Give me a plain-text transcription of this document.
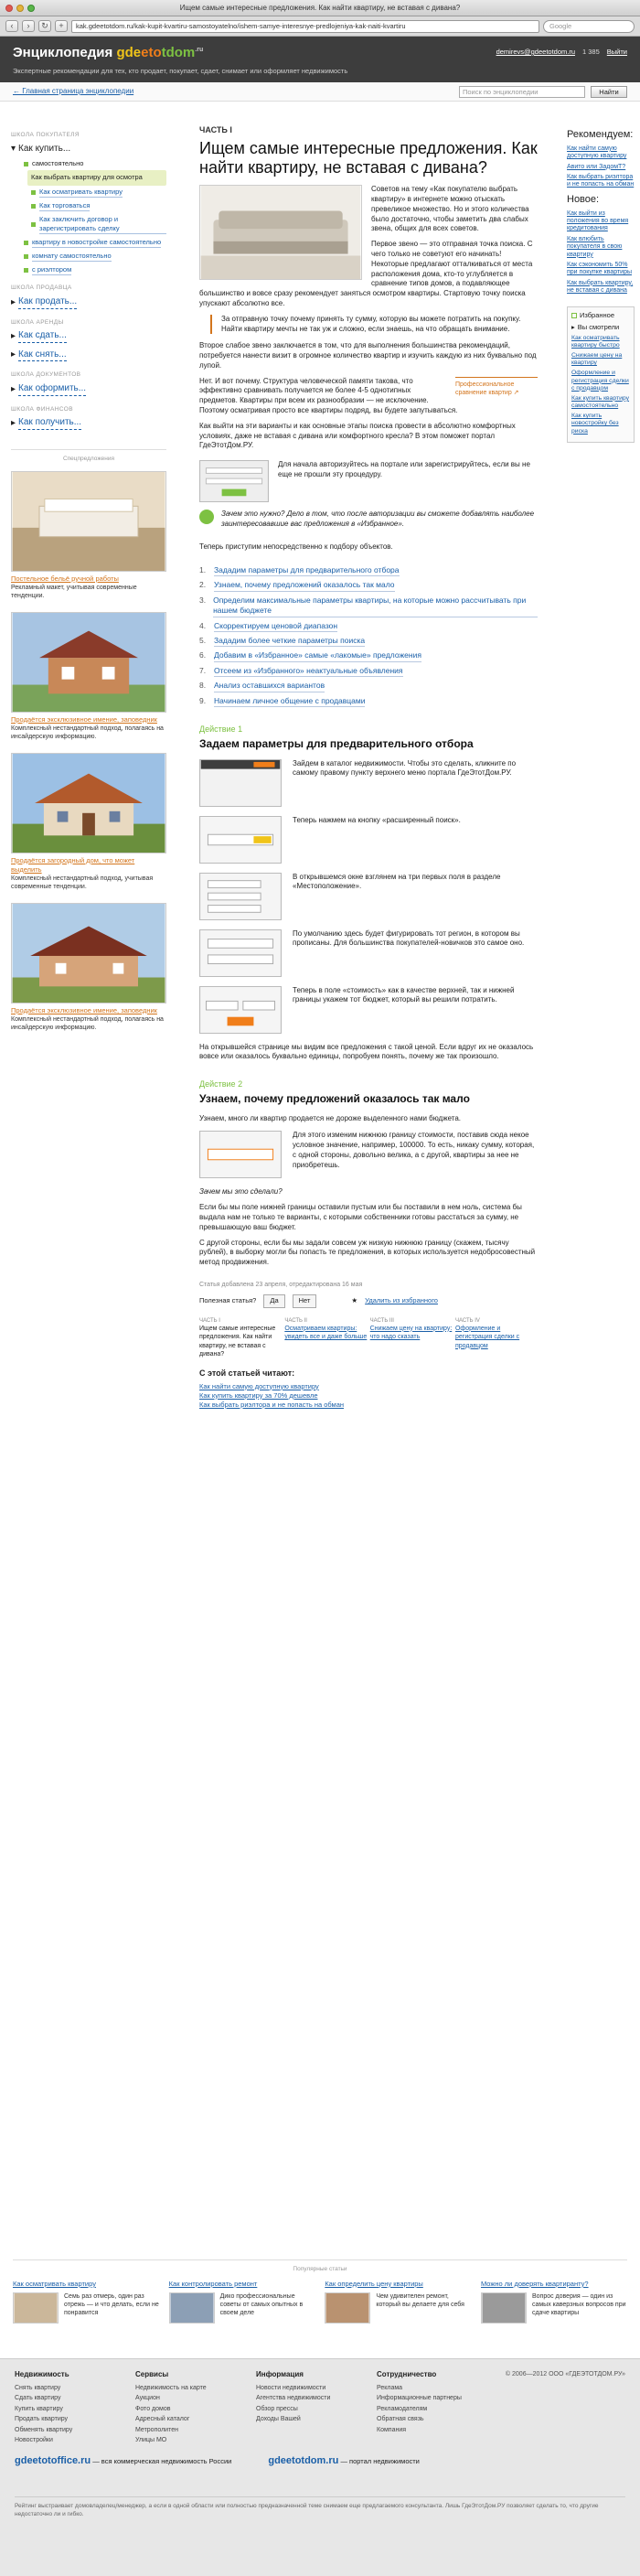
Ищем самые интересные предложения. Как найти квартиру, не вставая с дивана?
‹	›	↻	+	kak.gdeetotdom.ru/kak-kupit-kvartiru-samostoyatelno/ishem-samye-interesnye-predlojeniya-kak-naiti-kvartiru	Google
Энциклопедия gdeetotdom$^{.ru}$
Экспертные рекомендации для тех, кто продает, покупает, сдает, снимает или оформляет недвижимость
demirevs@gdeetotdom.ru 1 385 Выйти
← Главная страница энциклопедии	Поиск по энциклопедии	Найти
ШКОЛА ПОКУПАТЕЛЯ
▾ Как купить...
самостоятельно
Как выбрать квартиру для осмотра
Как осматривать квартиру
Как торговаться
Как заключить договор и зарегистрировать сделку
квартиру в новостройке самостоятельно
комнату самостоятельно
с риэлтором
ШКОЛА ПРОДАВЦА
▸ Как продать...
ШКОЛА АРЕНДЫ
▸ Как сдать...
▸ Как снять...
ШКОЛА ДОКУМЕНТОВ
▸ Как оформить...
ШКОЛА ФИНАНСОВ
▸ Как получить...
Спецпредложения
Постельное бельё ручной работы
Рекламный макет, учитывая современные тенденции.
Продаётся эксклюзивное имение, заповедник
Комплексный нестандартный подход, полагаясь на инсайдерскую информацию.
Продаётся загородный дом, что может выделить
Комплексный нестандартный подход, учитывая современные тенденции.
Продаётся эксклюзивное имение, заповедник
Комплексный нестандартный подход, полагаясь на инсайдерскую информацию.
ЧАСТЬ I
Ищем самые интересные предложения. Как найти квартиру, не вставая с дивана?

Советов на тему «Как покупателю выбрать квартиру» в интернете можно отыскать превеликое множество. Но и этого количества было достаточно, чтобы заметить два слабых звена, общих для всех советов.

Первое звено — это отправная точка поиска. С чего только не советуют его начинать! Некоторые предлагают отталкиваться от места расположения дома, кто-то углубляется в сравнение типов домов, а подавляющее большинство и вовсе сразу рекомендует заняться осмотром квартиры. Стартовую точку поиска упускают абсолютно все.

За отправную точку почему принять ту сумму, которую вы можете потратить на покупку. Найти квартиру мечты не так уж и сложно, если знаешь, на что обращать внимание.

Второе слабое звено заключается в том, что для выполнения большинства рекомендаций, потребуется нанести визит в огромное количество квартир и изучить каждую из них буквально под лупой.

Профессиональное сравнение квартир ↗

Нет. И вот почему. Структура человеческой памяти такова, что эффективно сравнивать получается не более 4-5 однотипных предметов. Квартиры при всем их разнообразии — не исключение. Поэтому осматривая просто все квартиры подряд, вы будете запутываться.

Как выйти на эти варианты и как основные этапы поиска провести в абсолютно комфортных условиях, даже не вставая с дивана или комфортного кресла? В этом поможет портал ГдеЭтотДом.РУ.

Для начала авторизуйтесь на портале или зарегистрируйтесь, если вы не еще не прошли эту процедуру.

Зачем это нужно? Дело в том, что после авторизации вы сможете добавлять наиболее заинтересовавшие вас предложения в «Избранное».

Теперь приступим непосредственно к подбору объектов.

1. Зададим параметры для предварительного отбора
2. Узнаем, почему предложений оказалось так мало
3. Определим максимальные параметры квартиры, на которые можно рассчитывать при нашем бюджете
4. Скорректируем ценовой диапазон
5. Зададим более четкие параметры поиска
6. Добавим в «Избранное» самые «лакомые» предложения
7. Отсеем из «Избранного» неактуальные объявления
8. Анализ оставшихся вариантов
9. Начинаем личное общение с продавцами
Действие 1
Задаем параметры для предварительного отбора

Зайдем в каталог недвижимости. Чтобы это сделать, кликните по самому правому пункту верхнего меню портала ГдеЭтотДом.РУ.

Теперь нажмем на кнопку «расширенный поиск».

В открывшемся окне взглянем на три первых поля в разделе «Местоположение».

По умолчанию здесь будет фигурировать тот регион, в котором вы прописаны. Для большинства покупателей-новичков это самое оно.

Теперь в поле «стоимость» как в качестве верхней, так и нижней границы укажем тот бюджет, который вы решили потратить.

На открывшейся странице мы видим все предложения с такой ценой. Если вдруг их не оказалось вовсе или оказалось буквально единицы, попробуем понять, почему же так произошло.

Действие 2
Узнаем, почему предложений оказалось так мало

Узнаем, много ли квартир продается не дороже выделенного нами бюджета.

Для этого изменим нижнюю границу стоимости, поставив сюда некое условное значение, например, 100000. То есть, никаку сумму, которая, с одной стороны, довольно велика, а с другой, квартиры за нее не приобретешь.

Зачем мы это сделали?

Если бы мы поле нижней границы оставили пустым или бы поставили в нем ноль, система бы выдала нам не только те варианты, с которыми собственники готовы расстаться за сумму, не превышающую ваш бюджет.

С другой стороны, если бы мы задали совсем уж низкую нижнюю границу (скажем, тысячу рублей), в выборку могли бы попасть те предложения, в которых используется недобросовестный метод продвижения.

Статья добавлена 23 апреля, отредактирована 16 мая
Полезная статья?	Да	Нет	★ Удалить из избранного
ЧАСТЬ I
Ищем самые интересные предложения. Как найти квартиру, не вставая с дивана?
ЧАСТЬ II
Осматриваем квартиры: увидеть все и даже больше
ЧАСТЬ III
Снижаем цену на квартиру: что надо сказать
ЧАСТЬ IV
Оформление и регистрация сделки с продавцом
С этой статьей читают:
Как найти самую доступную квартиру
Как купить квартиру за 70% дешевле
Как выбрать риэлтора и не попасть на обман
Рекомендуем:
Как найти самую доступную квартиру
Авито или ЗадомТ?
Как выбрать риэлтора и не попасть на обман
Новое:
Как выйти из положения во время кредитования
Как влюбить покупателя в свою квартиру
Как сэкономить 50% при покупке квартиры
Как выбрать квартиру, не вставая с дивана
Избранное
▸ Вы смотрели
Как осматривать квартиру быстро
Снижаем цену на квартиру
Оформление и регистрация сделки с продавцом
Как купить квартиру самостоятельно
Как купить новостройку без риска
Популярные статьи
Как осматривать квартиру
Семь раз отмерь, один раз отрежь — и что делать, если не понравится
Как контролировать ремонт
Дико профессиональные советы от самых опытных в своем деле
Как определить цену квартиры
Чем удивителен ремонт, который вы делаете для себя
Можно ли доверять квартиранту?
Вопрос доверия — один из самых каверзных вопросов при сдаче квартиры
Недвижимость
Снять квартиру
Сдать квартиру
Купить квартиру
Продать квартиру
Обменять квартиру
Новостройки
Сервисы
Недвижимость на карте
Аукцион
Фото домов
Адресный каталог
Метрополитен
Улицы МО
Информация
Новости недвижимости
Агентства недвижимости
Обзор прессы
Доходы Вашей
Сотрудничество
Реклама
Информационные партнеры
Рекламодателям
Обратная связь
Компания
© 2006—2012 ООО «ГДЕЭТОТДОМ.РУ»
gdeetotoffice.ru — вся коммерческая недвижимость России	gdeetotdom.ru — портал недвижимости
Рейтинг выстраивает домовладелец/менеджер, а если в одной области или полностью предназначенной теме снимаем еще предлагаемого консультанта. Лишь ГдеЭтотДом.РУ позволяет сделать то, что другие недостаточно ли и гибко.
